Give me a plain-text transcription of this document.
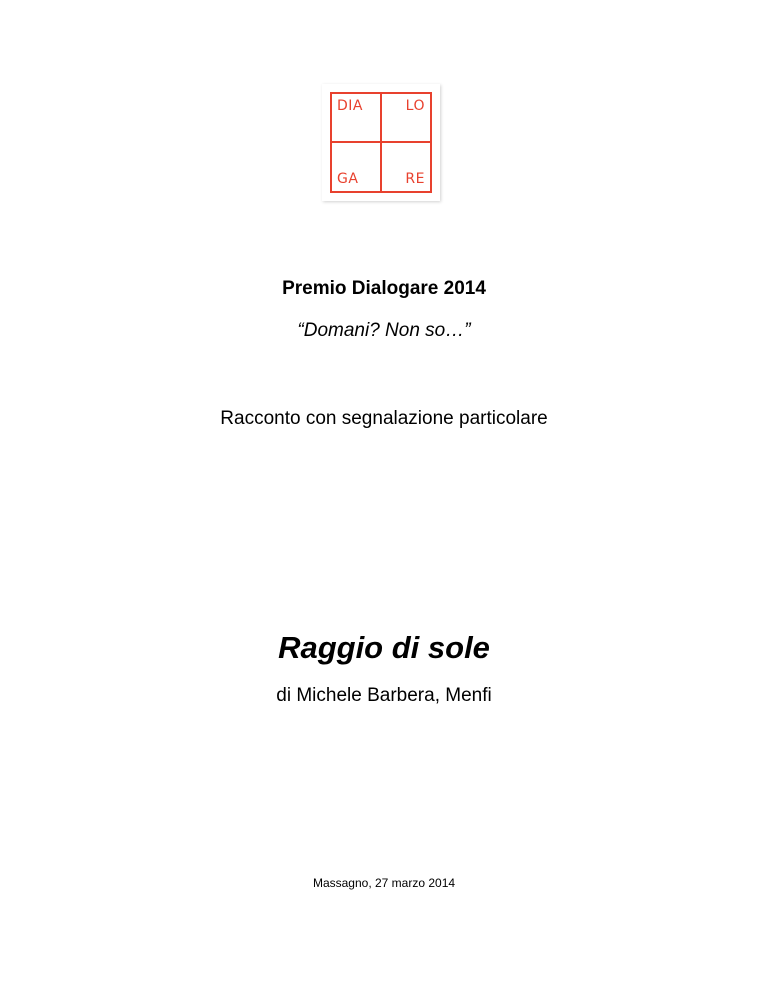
DIA	LO
GA	RE
Premio Dialogare 2014
“Domani? Non so…”
Racconto con segnalazione particolare
Raggio di sole
di Michele Barbera, Menfi
Massagno, 27 marzo 2014
